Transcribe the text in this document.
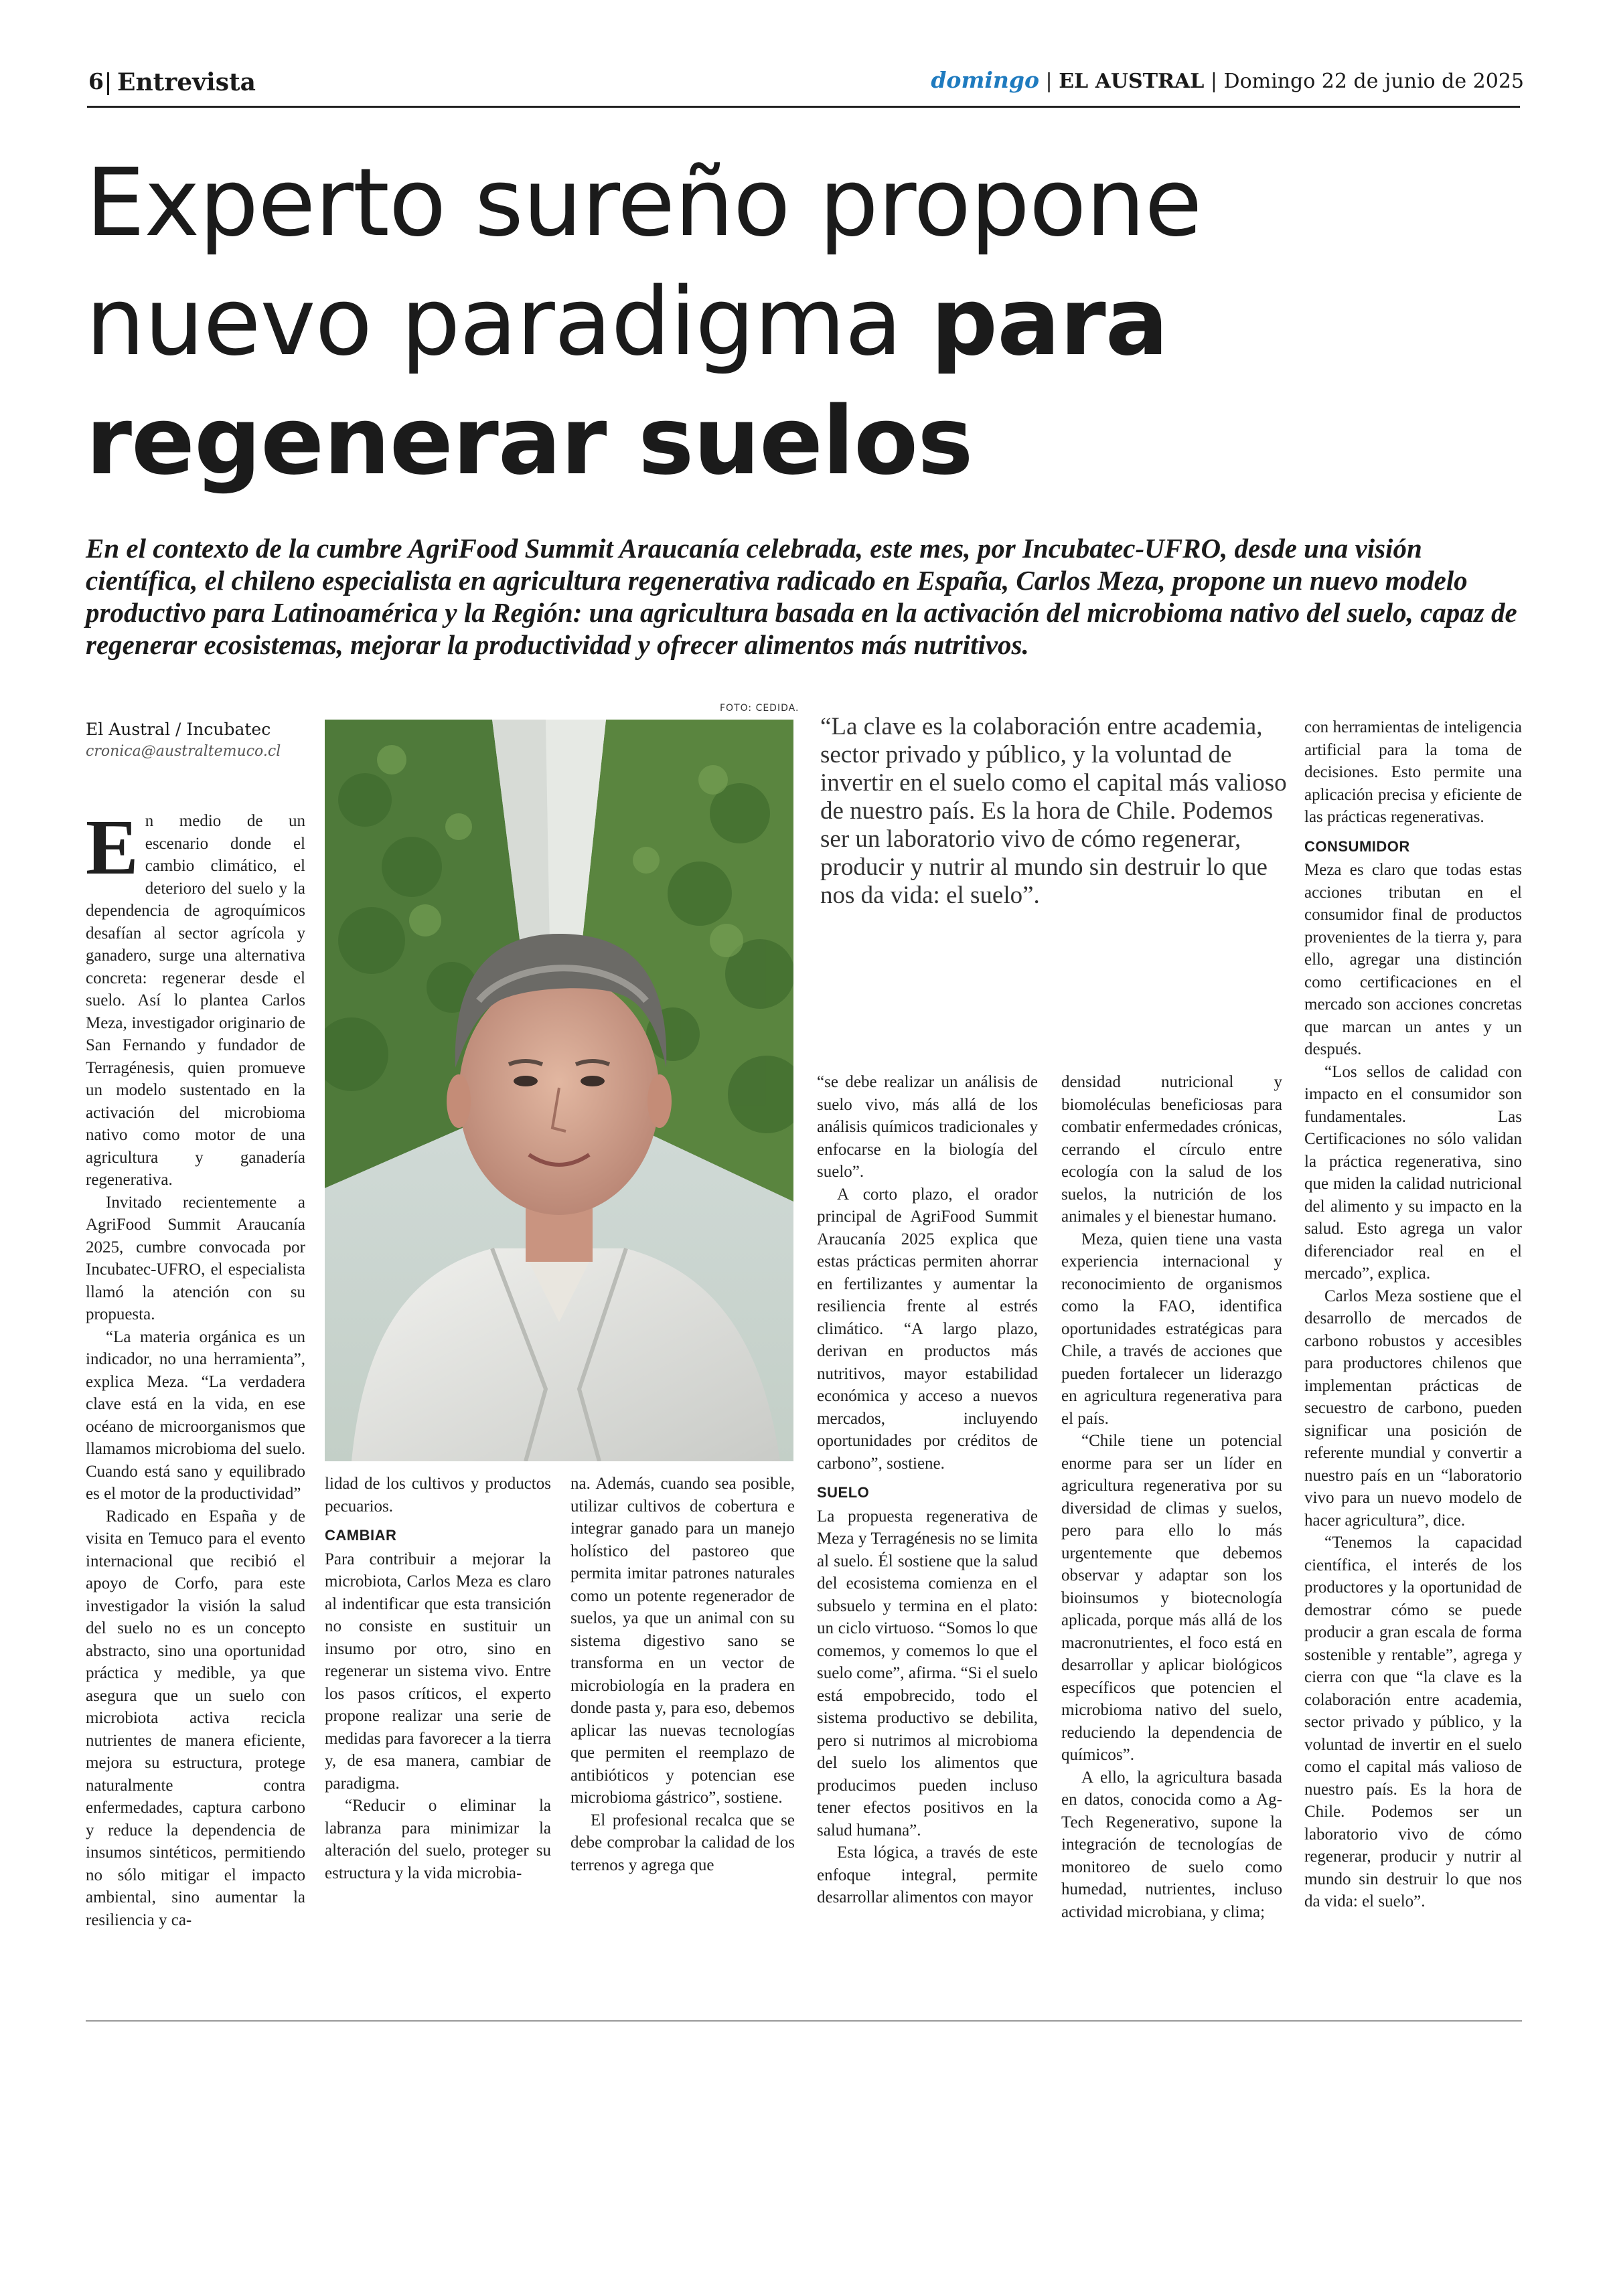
6 Entrevista	domingo | EL AUSTRAL | Domingo 22 de junio de 2025
Experto sureño propone
nuevo paradigma para
regenerar suelos
En el contexto de la cumbre AgriFood Summit Araucanía celebrada, este mes, por Incubatec-UFRO, desde una visión científica, el chileno especialista en agricultura regenerativa radicado en España, Carlos Meza, propone un nuevo modelo productivo para Latinoamérica y la Región: una agricultura basada en la activación del microbioma nativo del suelo, capaz de regenerar ecosistemas, mejorar la productividad y ofrecer alimentos más nutritivos.
El Austral / Incubatec
cronica@australtemuco.cl
FOTO: CEDIDA.
“La clave es la colaboración entre academia, sector privado y público, y la voluntad de invertir en el suelo como el capital más valioso de nuestro país. Es la hora de Chile. Podemos ser un laboratorio vivo de cómo regenerar, producir y nutrir al mundo sin destruir lo que nos da vida: el suelo”.

En medio de un escenario donde el cambio climático, el deterioro del suelo y la dependencia de agroquímicos desafían al sector agrícola y ganadero, surge una alternativa concreta: regenerar desde el suelo. Así lo plantea Carlos Meza, investigador originario de San Fernando y fundador de Terragénesis, quien promueve un modelo sustentado en la activación del microbioma nativo como motor de una agricultura y ganadería regenerativa.

Invitado recientemente a AgriFood Summit Araucanía 2025, cumbre convocada por Incubatec-UFRO, el especialista llamó la atención con su propuesta.

“La materia orgánica es un indicador, no una herramienta”, explica Meza. “La verdadera clave está en la vida, en ese océano de microorganismos que llamamos microbioma del suelo. Cuando está sano y equilibrado es el motor de la productividad”

Radicado en España y de visita en Temuco para el evento internacional que recibió el apoyo de Corfo, para este investigador la visión la salud del suelo no es un concepto abstracto, sino una oportunidad práctica y medible, ya que asegura que un suelo con microbiota activa recicla nutrientes de manera eficiente, mejora su estructura, protege naturalmente contra enfermedades, captura carbono y reduce la dependencia de insumos sintéticos, permitiendo no sólo mitigar el impacto ambiental, sino aumentar la resiliencia y ca-

lidad de los cultivos y productos pecuarios.

CAMBIAR

Para contribuir a mejorar la microbiota, Carlos Meza es claro al indentificar que esta transición no consiste en sustituir un insumo por otro, sino en regenerar un sistema vivo. Entre los pasos críticos, el experto propone realizar una serie de medidas para favorecer a la tierra y, de esa manera, cambiar de paradigma.

“Reducir o eliminar la labranza para minimizar la alteración del suelo, proteger su estructura y la vida microbia-

na. Además, cuando sea posible, utilizar cultivos de cobertura e integrar ganado para un manejo holístico del pastoreo que permita imitar patrones naturales como un potente regenerador de suelos, ya que un animal con su sistema digestivo sano se transforma en un vector de microbiología en la pradera en donde pasta y, para eso, debemos aplicar las nuevas tecnologías que permiten el reemplazo de antibióticos y potencian ese microbioma gástrico”, sostiene.

El profesional recalca que se debe comprobar la calidad de los terrenos y agrega que

“se debe realizar un análisis de suelo vivo, más allá de los análisis químicos tradicionales y enfocarse en la biología del suelo”.

A corto plazo, el orador principal de AgriFood Summit Araucanía 2025 explica que estas prácticas permiten ahorrar en fertilizantes y aumentar la resiliencia frente al estrés climático. “A largo plazo, derivan en productos más nutritivos, mayor estabilidad económica y acceso a nuevos mercados, incluyendo oportunidades por créditos de carbono”, sostiene.

SUELO

La propuesta regenerativa de Meza y Terragénesis no se limita al suelo. Él sostiene que la salud del ecosistema comienza en el subsuelo y termina en el plato: un ciclo virtuoso. “Somos lo que comemos, y comemos lo que el suelo come”, afirma. “Si el suelo está empobrecido, todo el sistema productivo se debilita, pero si nutrimos al microbioma del suelo los alimentos que producimos pueden incluso tener efectos positivos en la salud humana”.

Esta lógica, a través de este enfoque integral, permite desarrollar alimentos con mayor

densidad nutricional y biomoléculas beneficiosas para combatir enfermedades crónicas, cerrando el círculo entre ecología con la salud de los suelos, la nutrición de los animales y el bienestar humano.

Meza, quien tiene una vasta experiencia internacional y reconocimiento de organismos como la FAO, identifica oportunidades estratégicas para Chile, a través de acciones que pueden fortalecer un liderazgo en agricultura regenerativa para el país.

“Chile tiene un potencial enorme para ser un líder en agricultura regenerativa por su diversidad de climas y suelos, pero para ello lo más urgentemente que debemos observar y adaptar son los bioinsumos y biotecnología aplicada, porque más allá de los macronutrientes, el foco está en desarrollar y aplicar biológicos específicos que potencien el microbioma nativo del suelo, reduciendo la dependencia de químicos”.

A ello, la agricultura basada en datos, conocida como a Ag-Tech Regenerativo, supone la integración de tecnologías de monitoreo de suelo como humedad, nutrientes, incluso actividad microbiana, y clima;

con herramientas de inteligencia artificial para la toma de decisiones. Esto permite una aplicación precisa y eficiente de las prácticas regenerativas.

CONSUMIDOR

Meza es claro que todas estas acciones tributan en el consumidor final de productos provenientes de la tierra y, para ello, agregar una distinción como certificaciones en el mercado son acciones concretas que marcan un antes y un después.

“Los sellos de calidad con impacto en el consumidor son fundamentales. Las Certificaciones no sólo validan la práctica regenerativa, sino que miden la calidad nutricional del alimento y su impacto en la salud. Esto agrega un valor diferenciador real en el mercado”, explica.

Carlos Meza sostiene que el desarrollo de mercados de carbono robustos y accesibles para productores chilenos que implementan prácticas de secuestro de carbono, pueden significar una posición de referente mundial y convertir a nuestro país en un “laboratorio vivo para un nuevo modelo de hacer agricultura”, dice.

“Tenemos la capacidad científica, el interés de los productores y la oportunidad de demostrar cómo se puede producir a gran escala de forma sostenible y rentable”, agrega y cierra con que “la clave es la colaboración entre academia, sector privado y público, y la voluntad de invertir en el suelo como el capital más valioso de nuestro país. Es la hora de Chile. Podemos ser un laboratorio vivo de cómo regenerar, producir y nutrir al mundo sin destruir lo que nos da vida: el suelo”.
